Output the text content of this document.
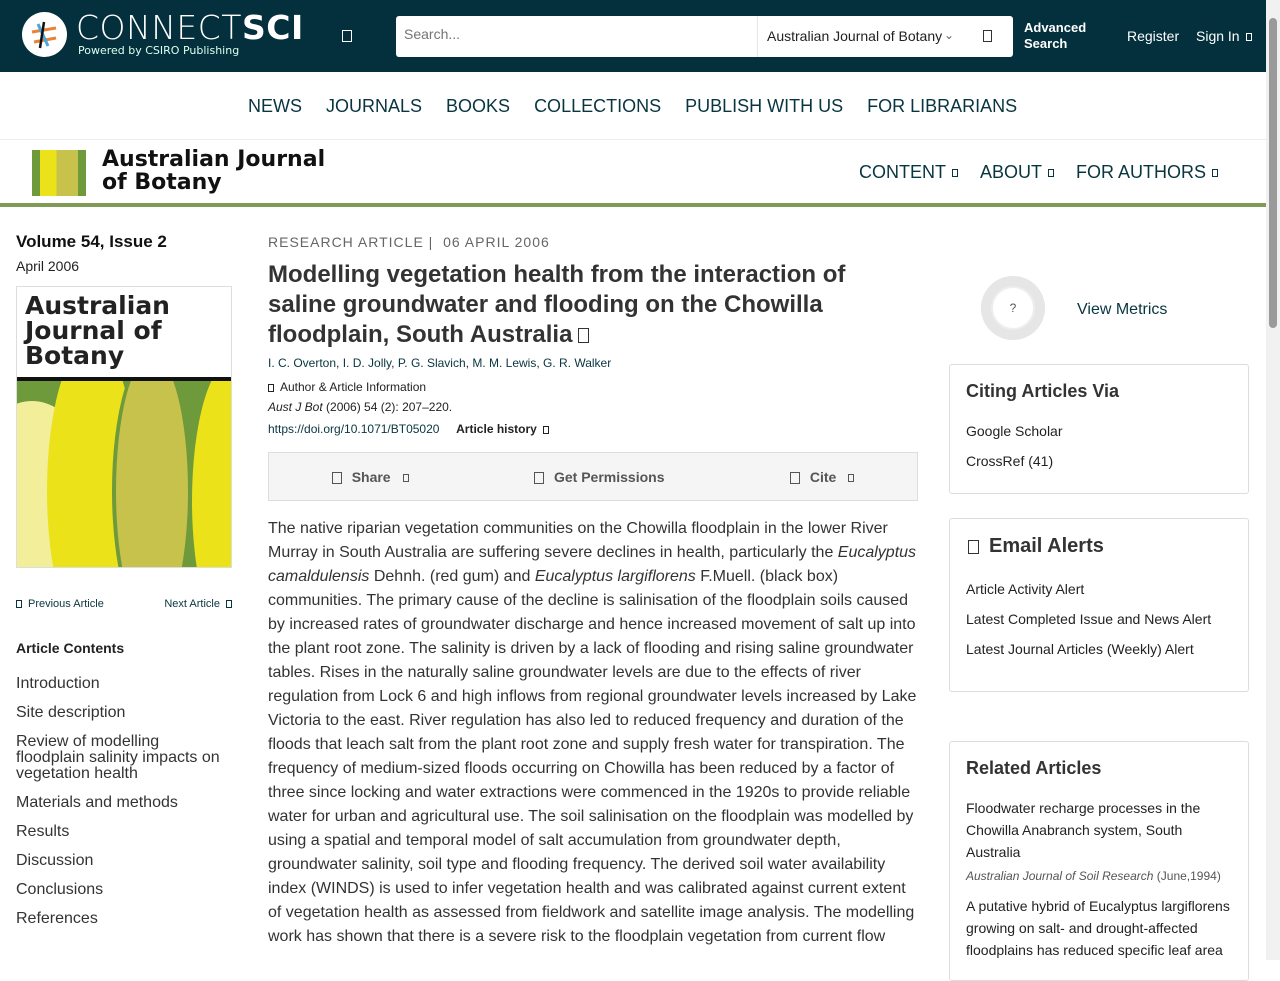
CONNECTSCI
Powered by CSIRO Publishing
Search...
Australian Journal of Botany ⌄	Advanced Search	Register Sign In
NEWS JOURNALS BOOKS COLLECTIONS PUBLISH WITH US FOR LIBRARIANS
Australian Journal
of Botany	CONTENT	ABOUT	FOR AUTHORS
Volume 54, Issue 2
April 2006
Australian Journal of Botany
Previous Article	Next Article
Article Contents
Introduction
Site description
Review of modelling floodplain salinity impacts on vegetation health
Materials and methods
Results
Discussion
Conclusions
References
RESEARCH ARTICLE |  06 APRIL 2006
Modelling vegetation health from the interaction of saline groundwater and flooding on the Chowilla floodplain, South Australia
I. C. Overton, I. D. Jolly, P. G. Slavich, M. M. Lewis, G. R. Walker
Author & Article Information
Aust J Bot (2006) 54 (2): 207–220.
https://doi.org/10.1071/BT05020 Article history
Share	Get Permissions	Cite

The native riparian vegetation communities on the Chowilla floodplain in the lower River Murray in South Australia are suffering severe declines in health, particularly the Eucalyptus camaldulensis Dehnh. (red gum) and Eucalyptus largiflorens F.Muell. (black box) communities. The primary cause of the decline is salinisation of the floodplain soils caused by increased rates of groundwater discharge and hence increased movement of salt up into the plant root zone. The salinity is driven by a lack of flooding and rising saline groundwater tables. Rises in the naturally saline groundwater levels are due to the effects of river regulation from Lock 6 and high inflows from regional groundwater levels increased by Lake Victoria to the east. River regulation has also led to reduced frequency and duration of the floods that leach salt from the plant root zone and supply fresh water for transpiration. The frequency of medium-sized floods occurring on Chowilla has been reduced by a factor of three since locking and water extractions were commenced in the 1920s to provide reliable water for urban and agricultural use. The soil salinisation on the floodplain was modelled by using a spatial and temporal model of salt accumulation from groundwater depth, groundwater salinity, soil type and flooding frequency. The derived soil water availability index (WINDS) is used to infer vegetation health and was calibrated against current extent of vegetation health as assessed from fieldwork and satellite image analysis. The modelling work has shown that there is a severe risk to the floodplain vegetation from current flow

?	View Metrics
Citing Articles Via
Google Scholar
CrossRef (41)
Email Alerts
Article Activity Alert
Latest Completed Issue and News Alert
Latest Journal Articles (Weekly) Alert
Related Articles
Floodwater recharge processes in the Chowilla Anabranch system, South Australia
Australian Journal of Soil Research (June,1994)
A putative hybrid of Eucalyptus largiflorens growing on salt- and drought-affected floodplains has reduced specific leaf area
